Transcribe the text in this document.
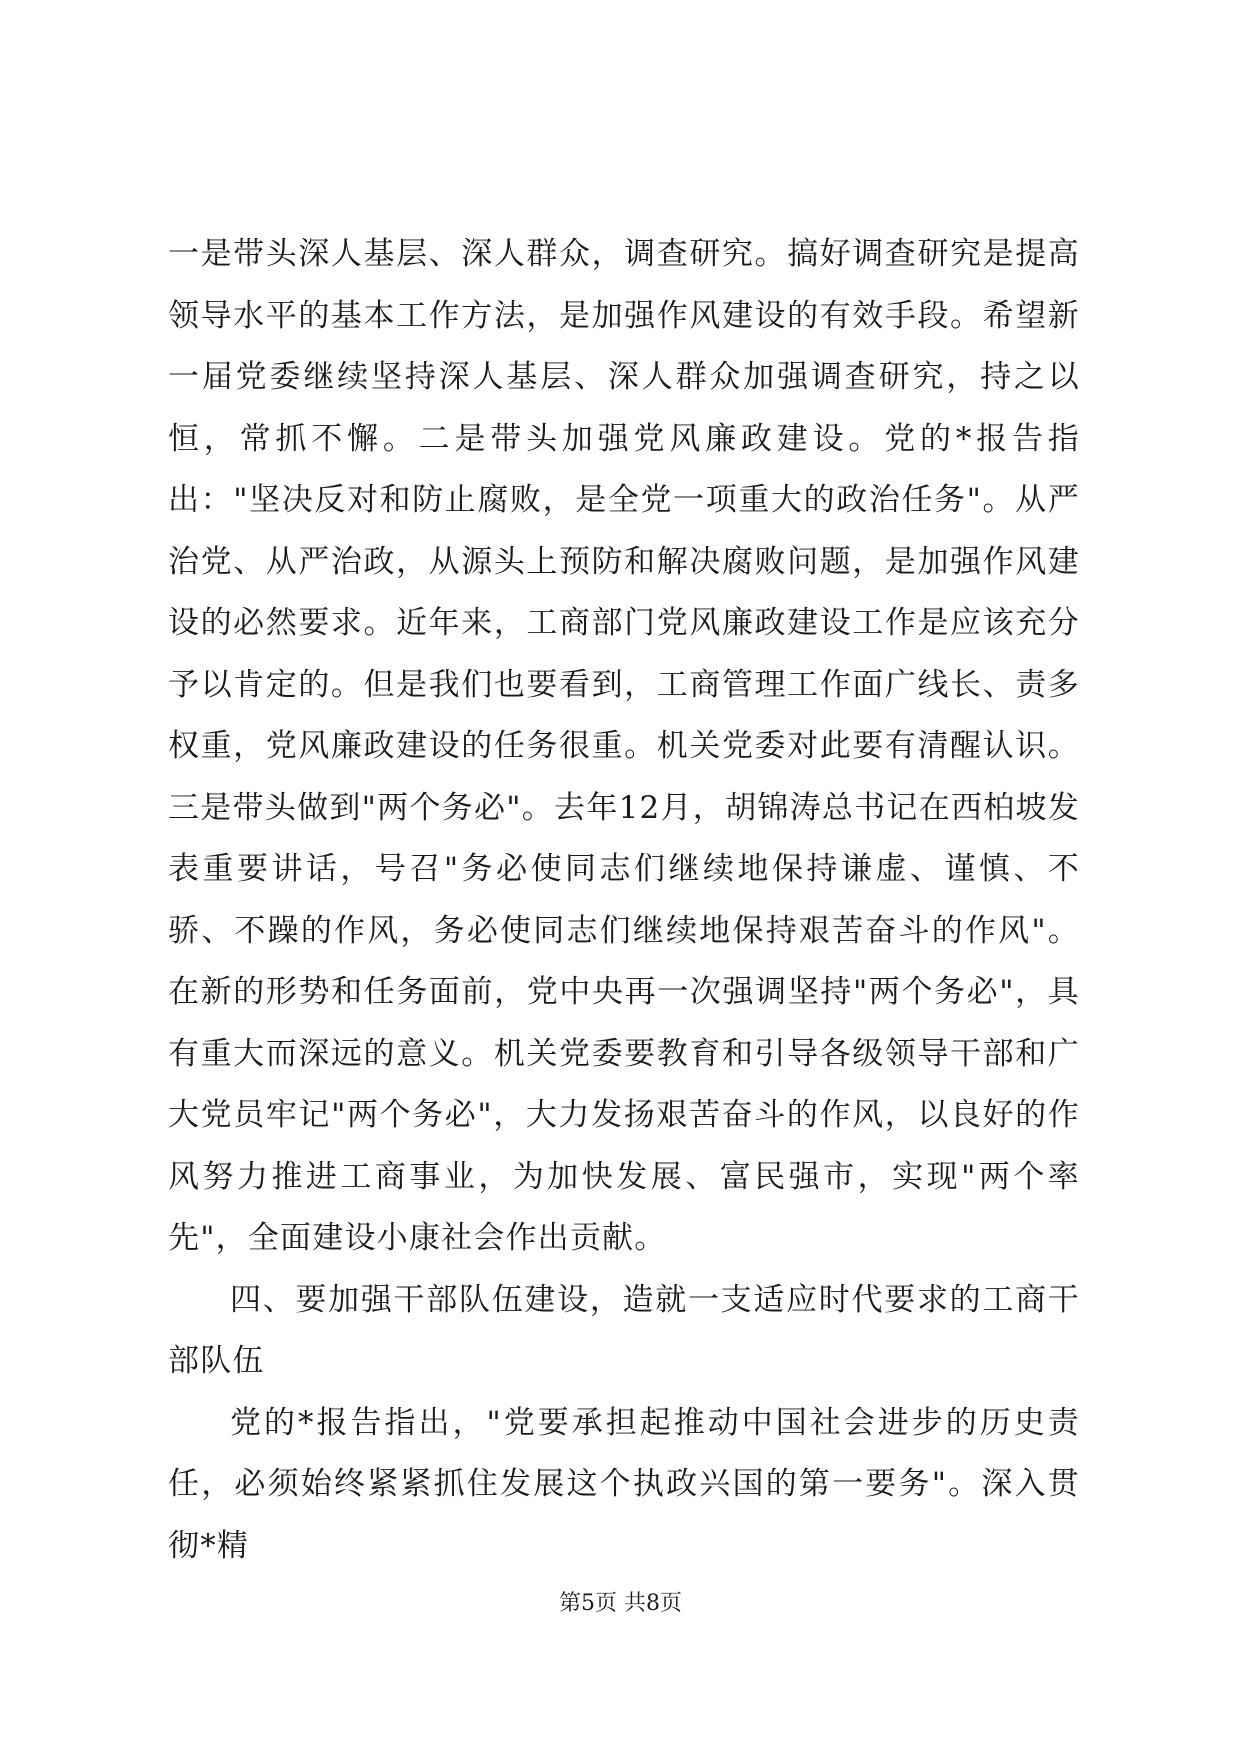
一是带头深人基层、深人群众，调查研究。搞好调查研究是提高领导水平的基本工作方法，是加强作风建设的有效手段。希望新一届党委继续坚持深人基层、深人群众加强调查研究，持之以恒，常抓不懈。二是带头加强党风廉政建设。党的*报告指出："坚决反对和防止腐败，是全党一项重大的政治任务"。从严治党、从严治政，从源头上预防和解决腐败问题，是加强作风建设的必然要求。近年来，工商部门党风廉政建设工作是应该充分予以肯定的。但是我们也要看到，工商管理工作面广线长、责多权重，党风廉政建设的任务很重。机关党委对此要有清醒认识。三是带头做到"两个务必"。去年12月，胡锦涛总书记在西柏坡发表重要讲话，号召"务必使同志们继续地保持谦虚、谨慎、不骄、不躁的作风，务必使同志们继续地保持艰苦奋斗的作风"。在新的形势和任务面前，党中央再一次强调坚持"两个务必"，具有重大而深远的意义。机关党委要教育和引导各级领导干部和广大党员牢记"两个务必"，大力发扬艰苦奋斗的作风，以良好的作风努力推进工商事业，为加快发展、富民强市，实现"两个率先"，全面建设小康社会作出贡献。

四、要加强干部队伍建设，造就一支适应时代要求的工商干部队伍

党的*报告指出，"党要承担起推动中国社会进步的历史责任，必须始终紧紧抓住发展这个执政兴国的第一要务"。深入贯彻*精

第5页 共8页
